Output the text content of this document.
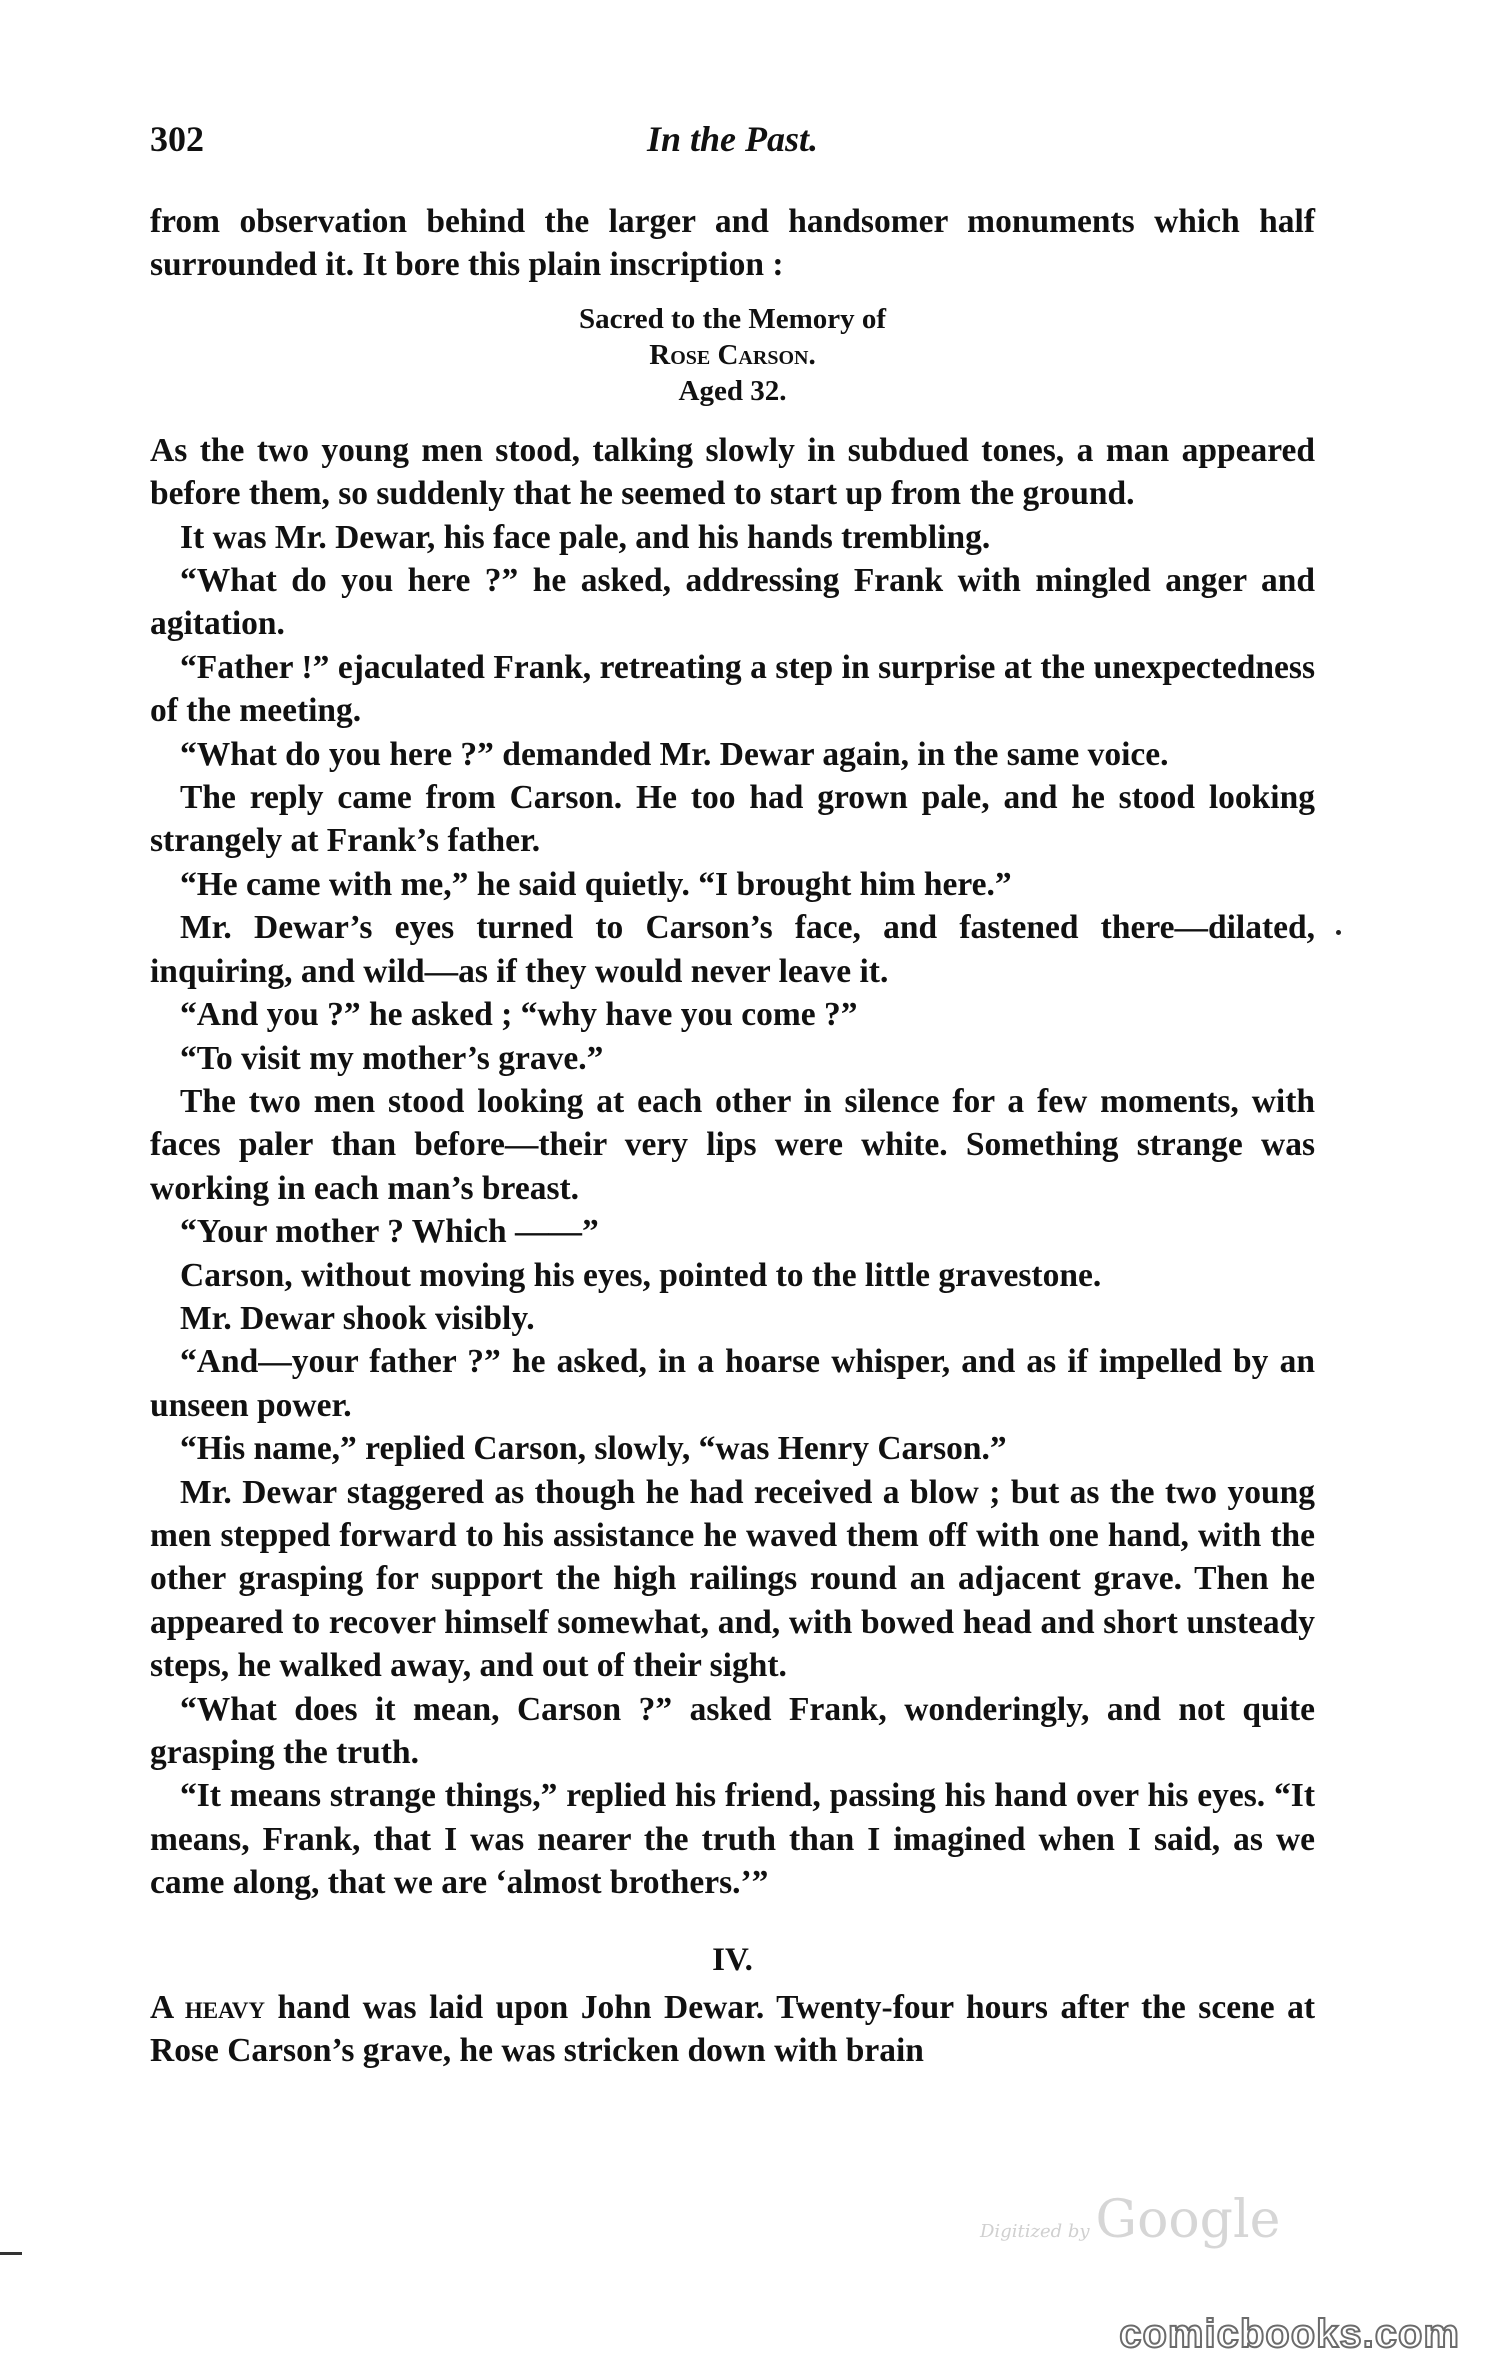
302	In the Past.

from observation behind the larger and handsomer monuments which half surrounded it. It bore this plain inscription :

Sacred to the Memory of
Rose Carson.
Aged 32.

As the two young men stood, talking slowly in subdued tones, a man appeared before them, so suddenly that he seemed to start up from the ground.

It was Mr. Dewar, his face pale, and his hands trembling.

“What do you here ?” he asked, addressing Frank with mingled anger and agitation.

“Father !” ejaculated Frank, retreating a step in surprise at the unexpectedness of the meeting.

“What do you here ?” demanded Mr. Dewar again, in the same voice.

The reply came from Carson. He too had grown pale, and he stood looking strangely at Frank’s father.

“He came with me,” he said quietly. “I brought him here.”

Mr. Dewar’s eyes turned to Carson’s face, and fastened there—dilated, inquiring, and wild—as if they would never leave it.

“And you ?” he asked ; “why have you come ?”

“To visit my mother’s grave.”

The two men stood looking at each other in silence for a few moments, with faces paler than before—their very lips were white. Something strange was working in each man’s breast.

“Your mother ? Which ——”

Carson, without moving his eyes, pointed to the little gravestone.

Mr. Dewar shook visibly.

“And—your father ?” he asked, in a hoarse whisper, and as if impelled by an unseen power.

“His name,” replied Carson, slowly, “was Henry Carson.”

Mr. Dewar staggered as though he had received a blow ; but as the two young men stepped forward to his assistance he waved them off with one hand, with the other grasping for support the high railings round an adjacent grave. Then he appeared to recover himself somewhat, and, with bowed head and short unsteady steps, he walked away, and out of their sight.

“What does it mean, Carson ?” asked Frank, wonderingly, and not quite grasping the truth.

“It means strange things,” replied his friend, passing his hand over his eyes. “It means, Frank, that I was nearer the truth than I imagined when I said, as we came along, that we are ‘almost brothers.’”

IV.

A heavy hand was laid upon John Dewar. Twenty-four hours after the scene at Rose Carson’s grave, he was stricken down with brain

Digitized by Google
comicbooks.com
